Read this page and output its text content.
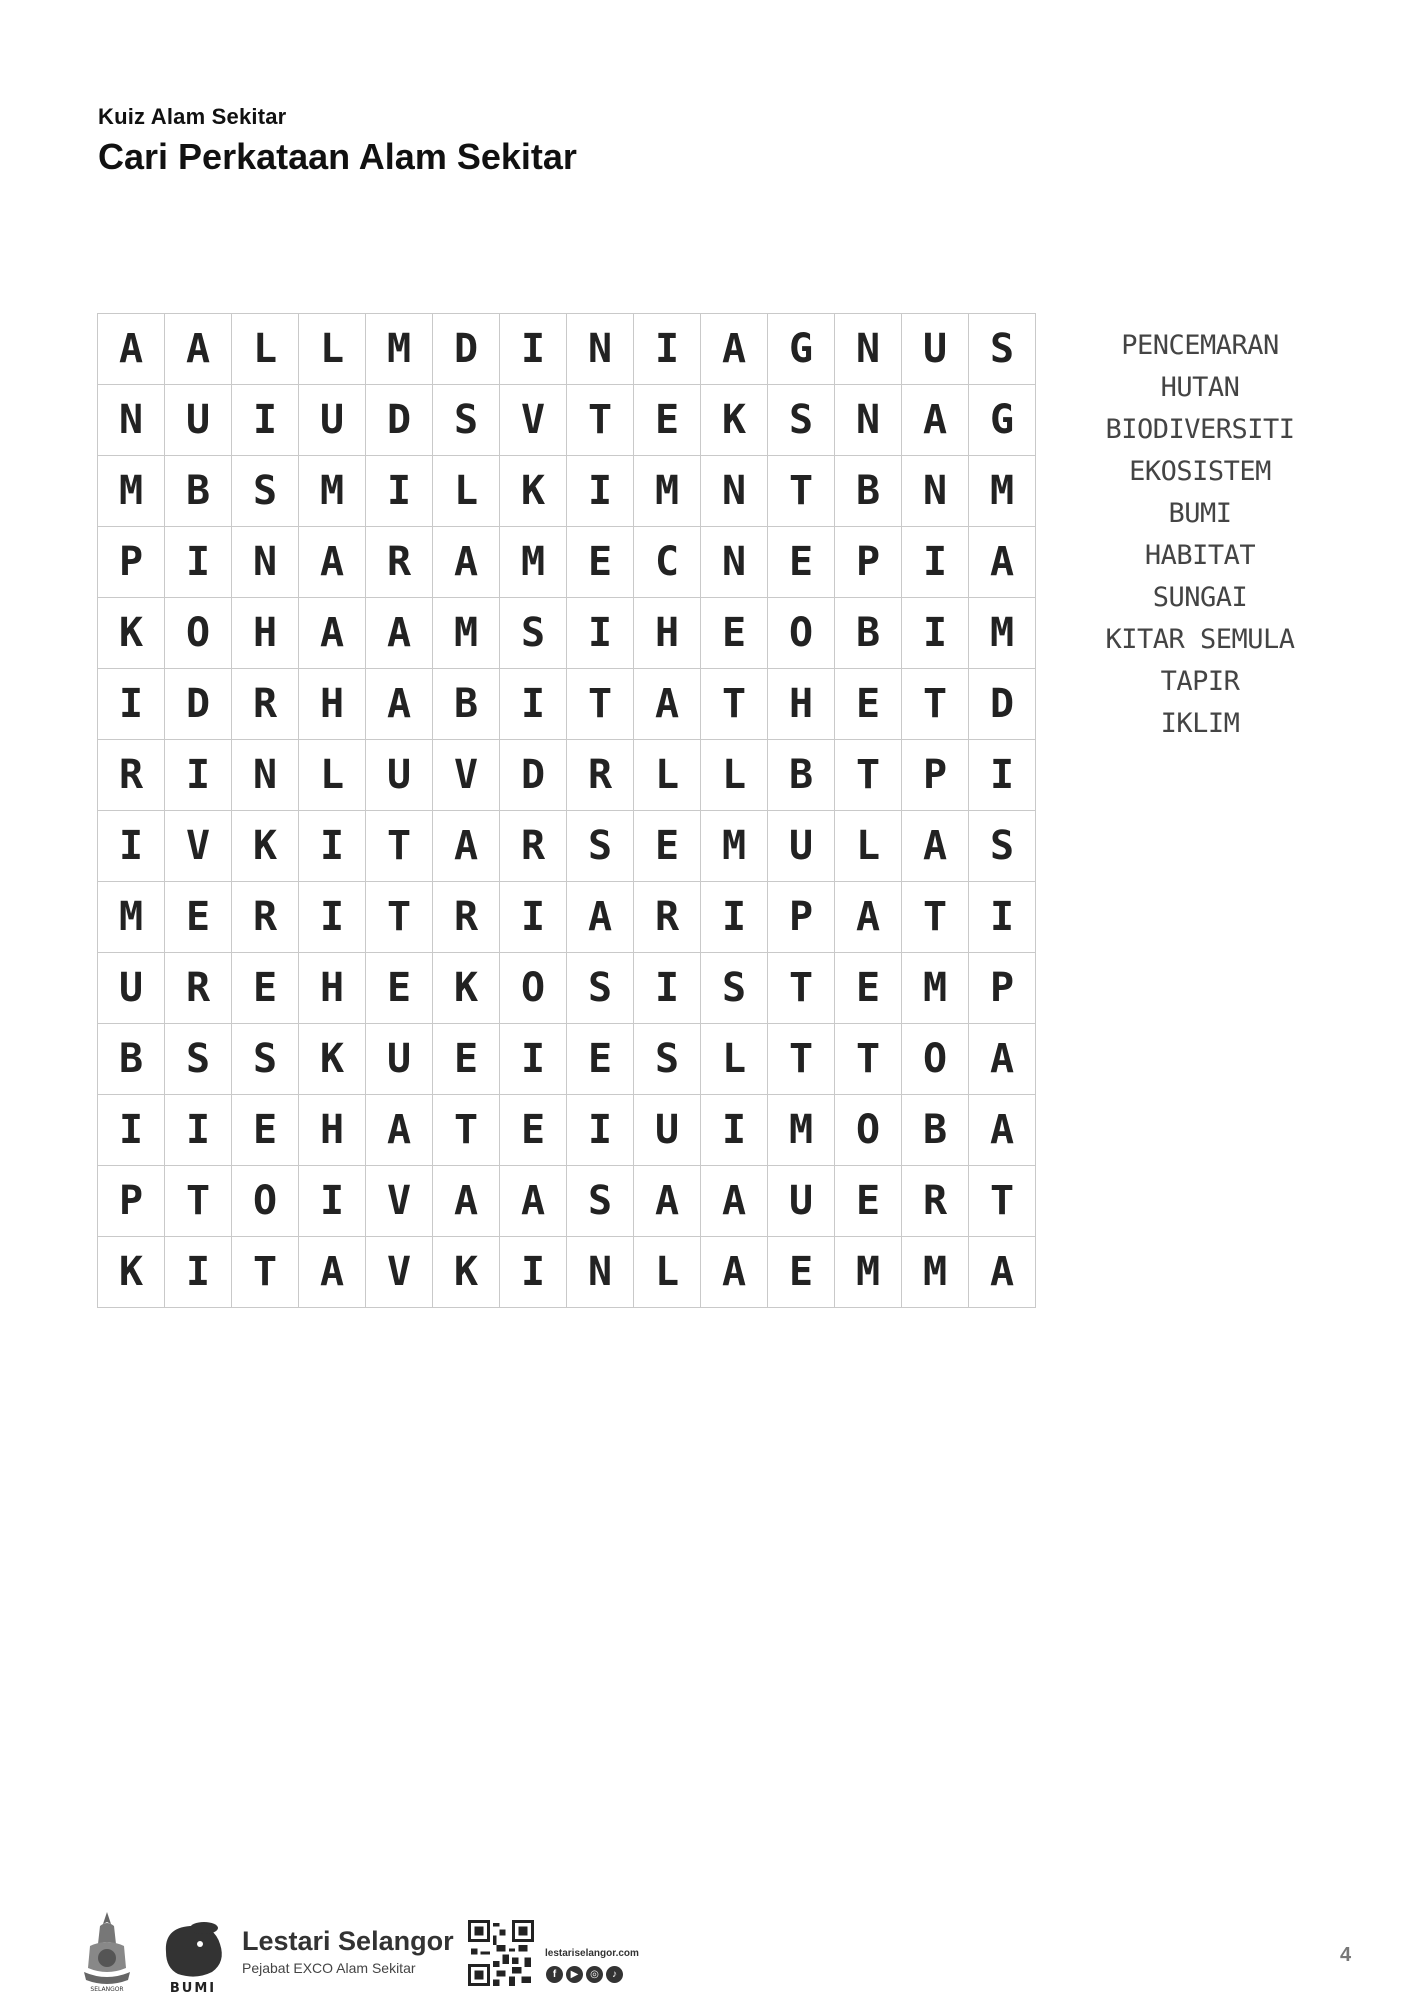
Kuiz Alam Sekitar
Cari Perkataan Alam Sekitar
A	A	L	L	M	D	I	N	I	A	G	N	U	S
N	U	I	U	D	S	V	T	E	K	S	N	A	G
M	B	S	M	I	L	K	I	M	N	T	B	N	M
P	I	N	A	R	A	M	E	C	N	E	P	I	A
K	O	H	A	A	M	S	I	H	E	O	B	I	M
I	D	R	H	A	B	I	T	A	T	H	E	T	D
R	I	N	L	U	V	D	R	L	L	B	T	P	I
I	V	K	I	T	A	R	S	E	M	U	L	A	S
M	E	R	I	T	R	I	A	R	I	P	A	T	I
U	R	E	H	E	K	O	S	I	S	T	E	M	P
B	S	S	K	U	E	I	E	S	L	T	T	O	A
I	I	E	H	A	T	E	I	U	I	M	O	B	A
P	T	O	I	V	A	A	S	A	A	U	E	R	T
K	I	T	A	V	K	I	N	L	A	E	M	M	A
PENCEMARAN
HUTAN
BIODIVERSITI
EKOSISTEM
BUMI
HABITAT
SUNGAI
KITAR SEMULA
TAPIR
IKLIM
SELANGOR	BUMI
Lestari Selangor
Pejabat EXCO Alam Sekitar
lestariselangor.com
f	▶	◎	♪
4
